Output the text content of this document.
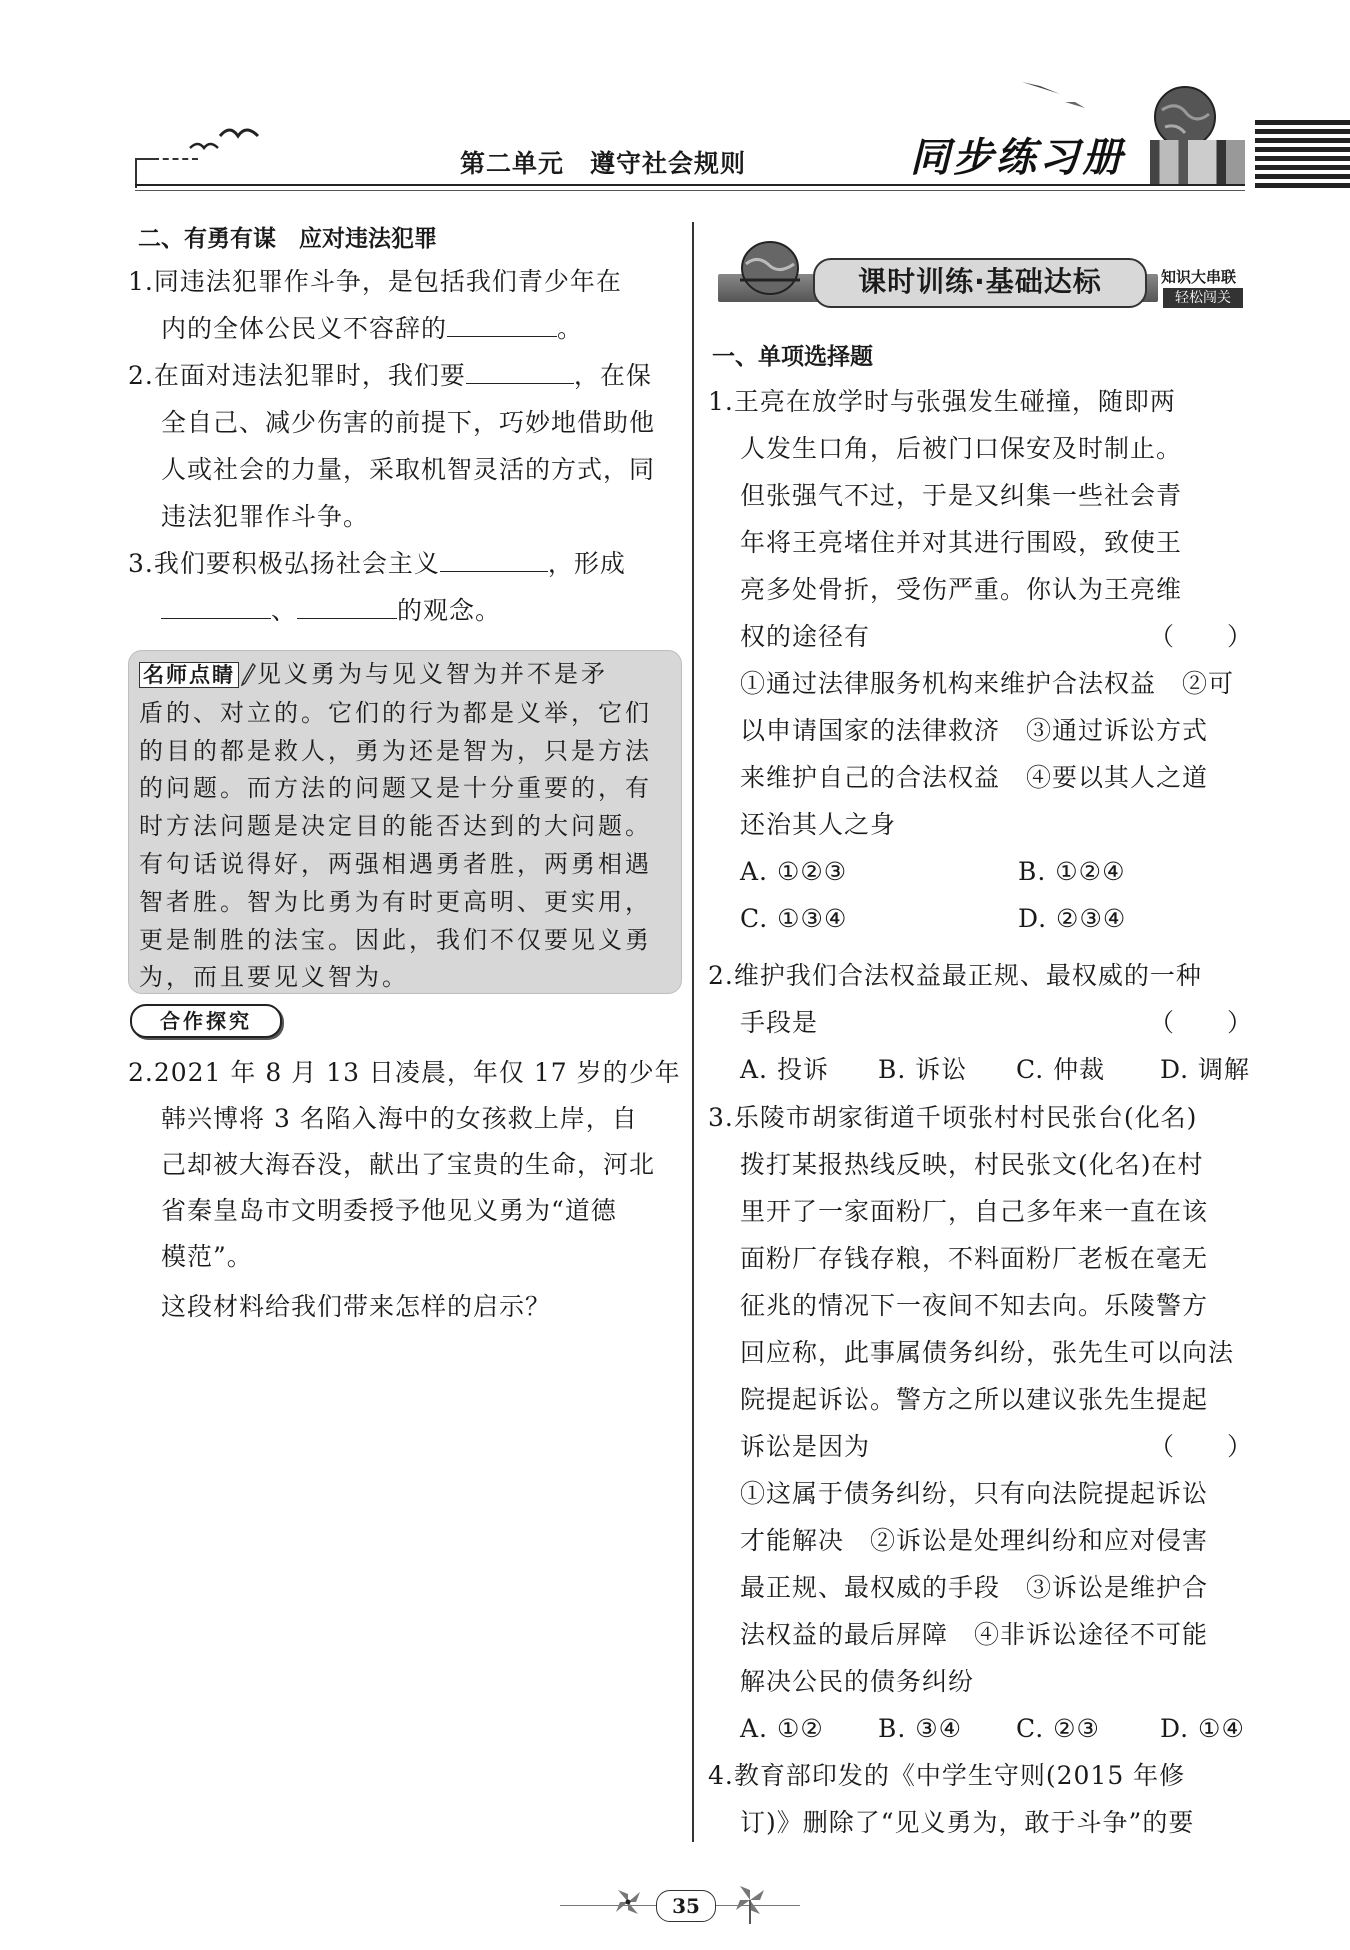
第二单元　遵守社会规则	同步练习册
二、有勇有谋　应对违法犯罪
1.同违法犯罪作斗争，是包括我们青少年在
内的全体公民义不容辞的	。
2.在面对违法犯罪时，我们要	，在保
全自己、减少伤害的前提下，巧妙地借助他
人或社会的力量，采取机智灵活的方式，同
违法犯罪作斗争。
3.我们要积极弘扬社会主义	，形成
、	的观念。
名师点睛 见义勇为与见义智为并不是矛
盾的、对立的。它们的行为都是义举，它们
的目的都是救人，勇为还是智为，只是方法
的问题。而方法的问题又是十分重要的，有
时方法问题是决定目的能否达到的大问题。
有句话说得好，两强相遇勇者胜，两勇相遇
智者胜。智为比勇为有时更高明、更实用，
更是制胜的法宝。因此，我们不仅要见义勇
为，而且要见义智为。
合作探究
2.2021 年 8 月 13 日凌晨，年仅 17 岁的少年
韩兴博将 3 名陷入海中的女孩救上岸，自
己却被大海吞没，献出了宝贵的生命，河北
省秦皇岛市文明委授予他见义勇为“道德
模范”。
这段材料给我们带来怎样的启示？
课时训练·基础达标	知识大串联
轻松闯关
一、单项选择题
1.王亮在放学时与张强发生碰撞，随即两
人发生口角，后被门口保安及时制止。
但张强气不过，于是又纠集一些社会青
年将王亮堵住并对其进行围殴，致使王
亮多处骨折，受伤严重。你认为王亮维
权的途径有	（　　）
①通过法律服务机构来维护合法权益　②可
以申请国家的法律救济　③通过诉讼方式
来维护自己的合法权益　④要以其人之道
还治其人之身
A. ①②③	B. ①②④
C. ①③④	D. ②③④
2.维护我们合法权益最正规、最权威的一种
手段是	（　　）
A. 投诉 B. 诉讼 C. 仲裁 D. 调解
3.乐陵市胡家街道千顷张村村民张台(化名)
拨打某报热线反映，村民张文(化名)在村
里开了一家面粉厂，自己多年来一直在该
面粉厂存钱存粮，不料面粉厂老板在毫无
征兆的情况下一夜间不知去向。乐陵警方
回应称，此事属债务纠纷，张先生可以向法
院提起诉讼。警方之所以建议张先生提起
诉讼是因为	（　　）
①这属于债务纠纷，只有向法院提起诉讼
才能解决　②诉讼是处理纠纷和应对侵害
最正规、最权威的手段　③诉讼是维护合
法权益的最后屏障　④非诉讼途径不可能
解决公民的债务纠纷
A. ①② B. ③④ C. ②③ D. ①④
4.教育部印发的《中学生守则(2015 年修
订)》删除了“见义勇为，敢于斗争”的要
35
